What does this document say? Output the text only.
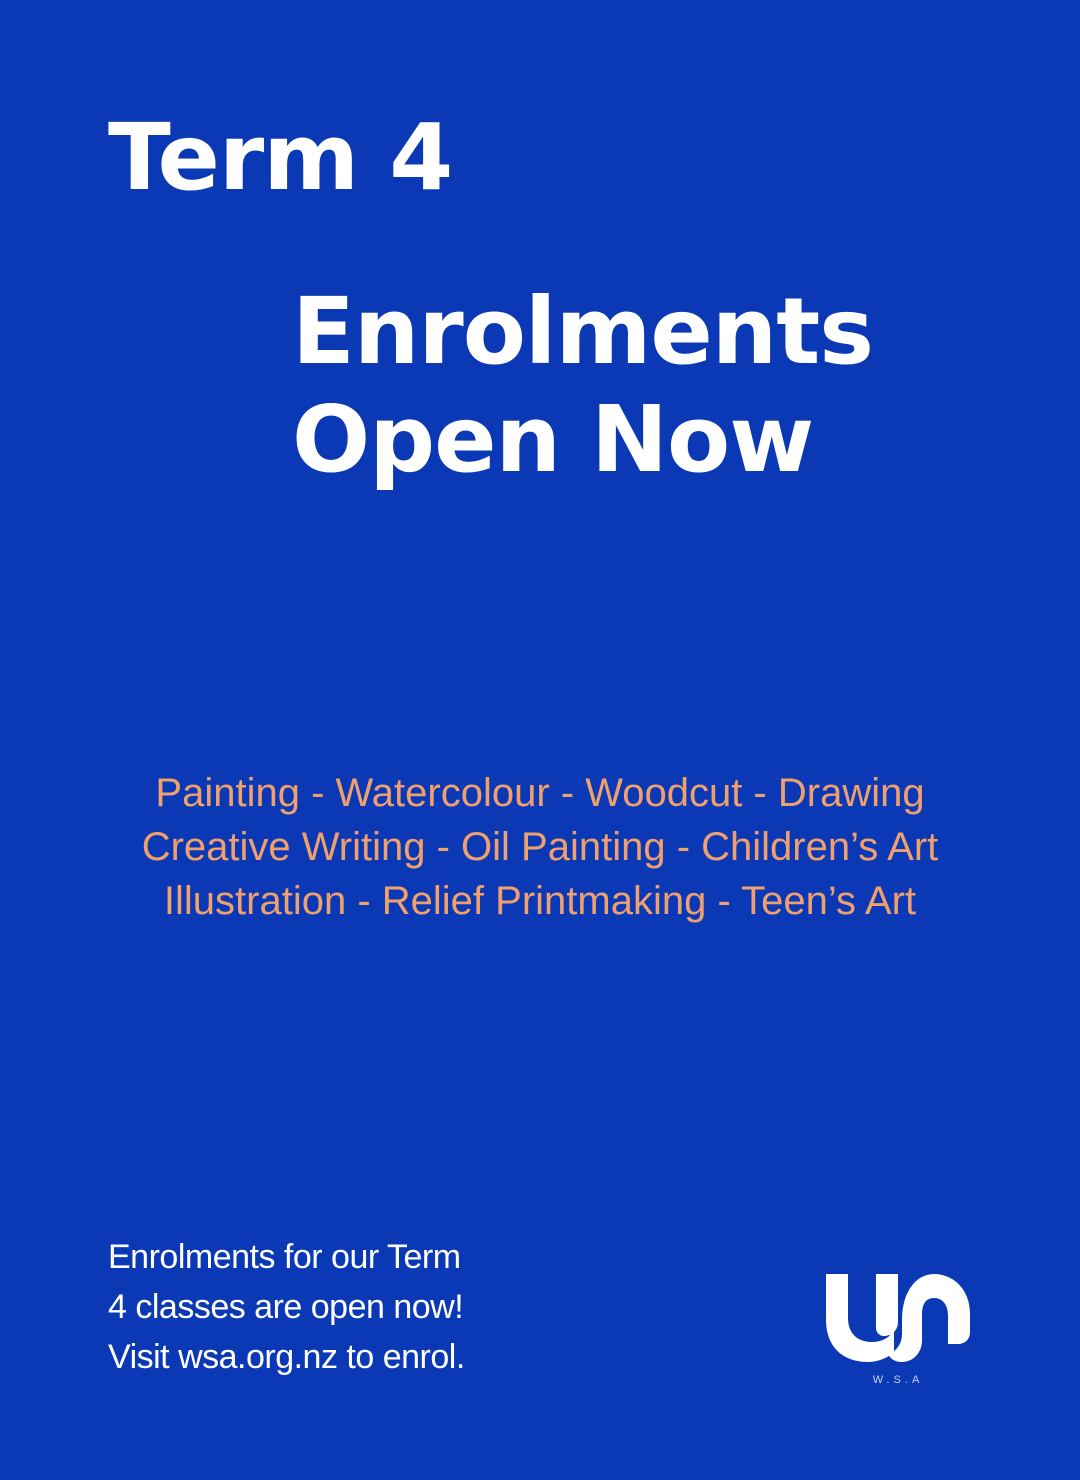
Term 4
Enrolments
Open Now
Painting - Watercolour - Woodcut - Drawing
Creative Writing - Oil Painting - Children’s Art
Illustration - Relief Printmaking - Teen’s Art
Enrolments for our Term
4 classes are open now!
Visit wsa.org.nz to enrol.
W.S.A
